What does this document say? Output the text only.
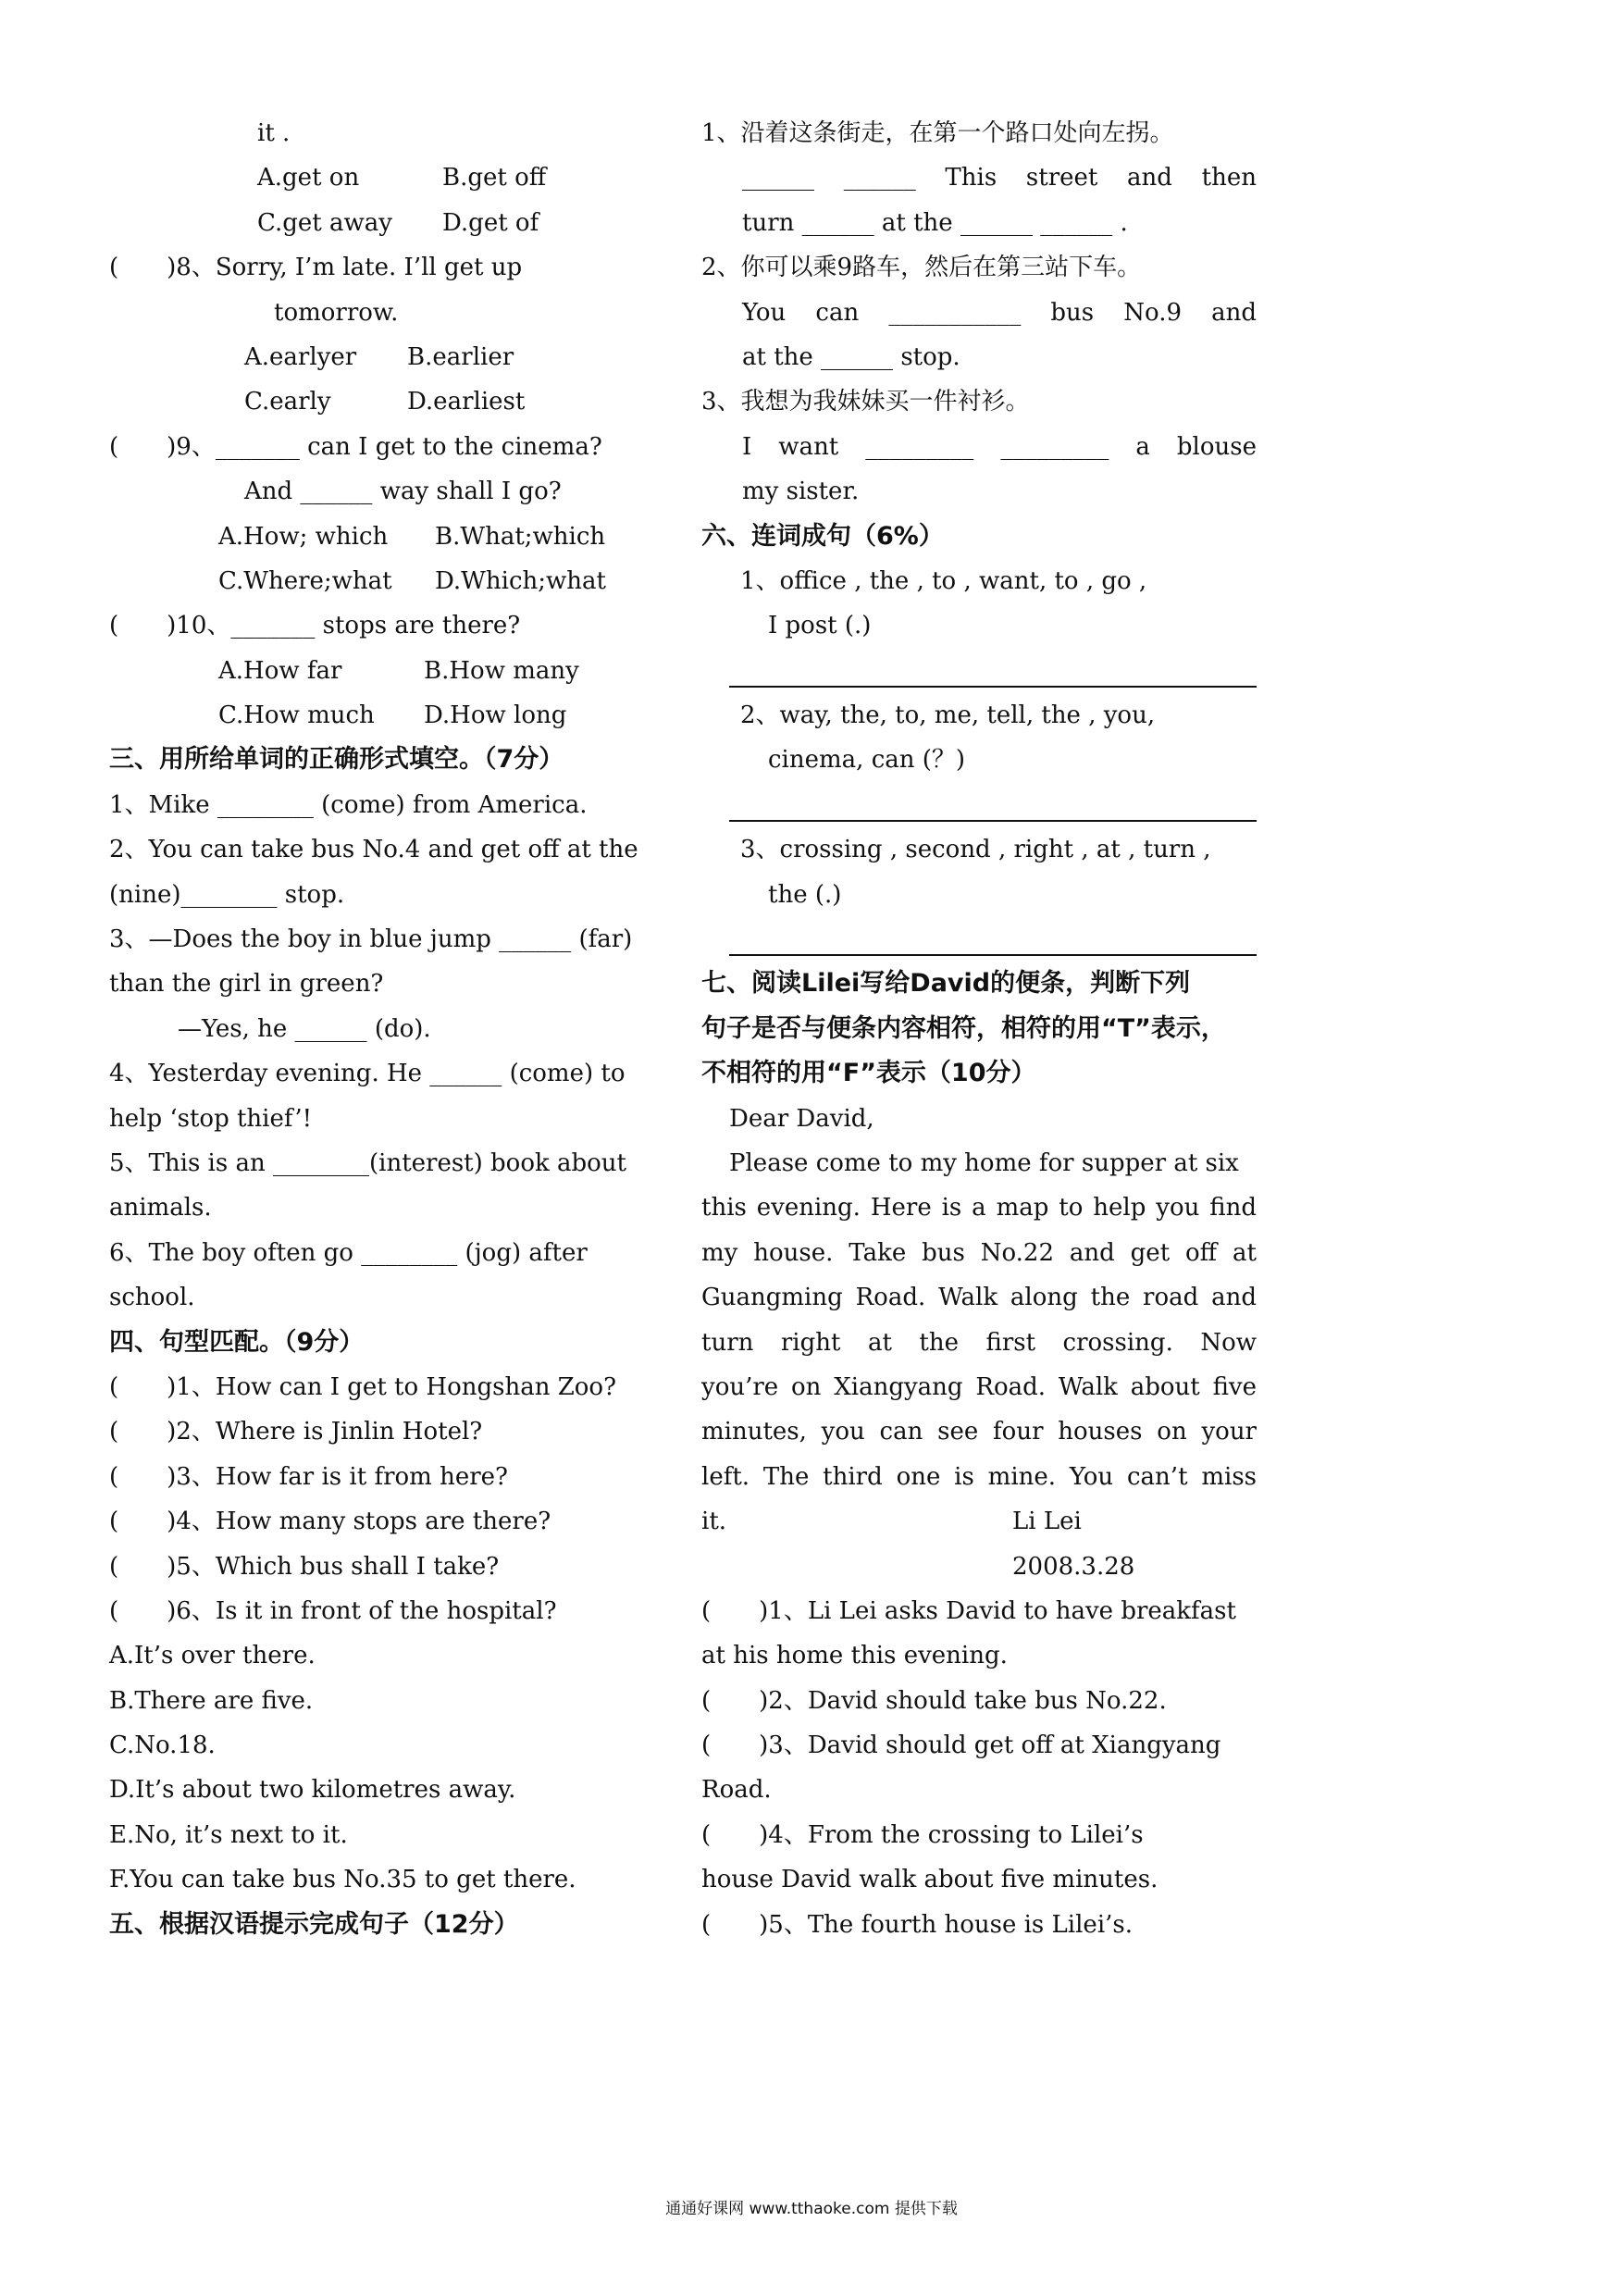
it .
A.get on	B.get off
C.get away D.get of
(　　)8、Sorry, I’m late. I’ll get up
tomorrow.
A.earlyer B.earlier
C.early	D.earliest
(　　)9、_______ can I get to the cinema?
And ______ way shall I go?
A.How; which B.What;which
C.Where;what D.Which;what
(　　)10、_______ stops are there?
A.How far	B.How many
C.How much D.How long
三、用所给单词的正确形式填空。（7分）
1、Mike ________ (come) from America.
2、You can take bus No.4 and get off at the
(nine)________ stop.
3、—Does the boy in blue jump ______ (far)
than the girl in green?
—Yes, he ______ (do).
4、Yesterday evening. He ______ (come) to
help ‘stop thief’!
5、This is an ________(interest) book about
animals.
6、The boy often go ________ (jog) after
school.
四、句型匹配。（9分）
(　　)1、How can I get to Hongshan Zoo?
(　　)2、Where is Jinlin Hotel?
(　　)3、How far is it from here?
(　　)4、How many stops are there?
(　　)5、Which bus shall I take?
(　　)6、Is it in front of the hospital?
A.It’s over there.
B.There are five.
C.No.18.
D.It’s about two kilometres away.
E.No, it’s next to it.
F.You can take bus No.35 to get there.
五、根据汉语提示完成句子（12分）
1、沿着这条街走，在第一个路口处向左拐。
______ ______ This street and then
turn ______ at the ______ ______ .
2、你可以乘9路车，然后在第三站下车。
You can ___________ bus No.9 and
at the ______ stop.
3、我想为我妹妹买一件衬衫。
I want _________ _________ a blouse
my sister.
六、连词成句（6%）
1、office , the , to , want, to , go ,
I post (.)
2、way, the, to, me, tell, the , you,
cinema, can (？)
3、crossing , second , right , at , turn ,
the (.)
七、阅读Lilei写给David的便条，判断下列
句子是否与便条内容相符，相符的用“T”表示，
不相符的用“F”表示（10分）
Dear David,
Please come to my home for supper at six
this evening. Here is a map to help you find
my house. Take bus No.22 and get off at
Guangming Road. Walk along the road and
turn right at the first crossing. Now
you’re on Xiangyang Road. Walk about five
minutes, you can see four houses on your
left. The third one is mine. You can’t miss
it.	Li Lei
2008.3.28
(　　)1、Li Lei asks David to have breakfast
at his home this evening.
(　　)2、David should take bus No.22.
(　　)3、David should get off at Xiangyang
Road.
(　　)4、From the crossing to Lilei’s
house David walk about five minutes.
(　　)5、The fourth house is Lilei’s.
通通好课网 www.tthaoke.com 提供下载
